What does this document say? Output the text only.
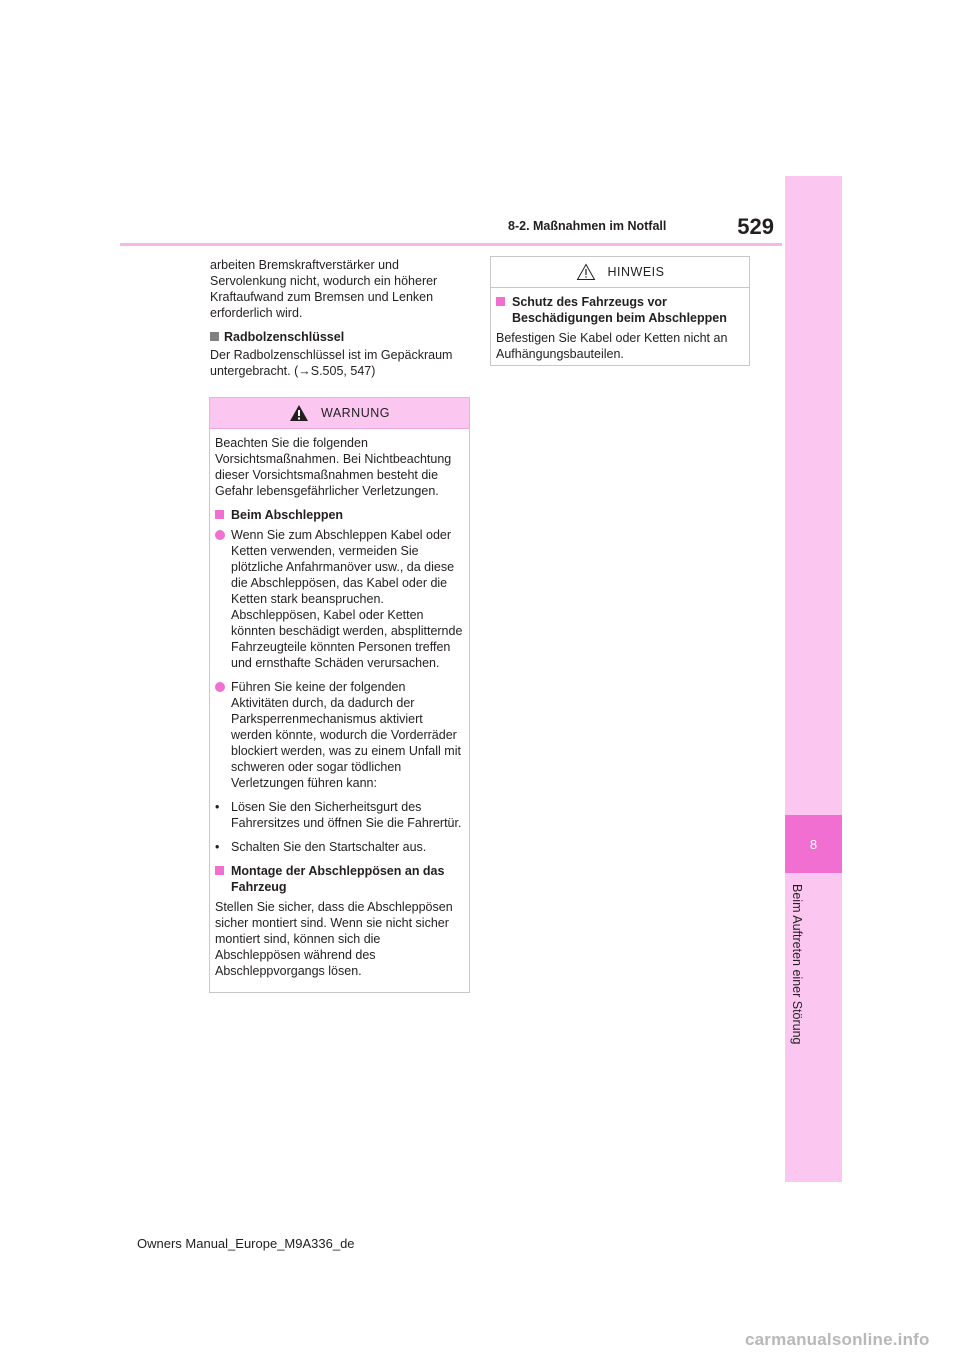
8-2. Maßnahmen im Notfall	529
8
Beim Auftreten einer Störung

arbeiten Bremskraftverstärker und Servolenkung nicht, wodurch ein höherer Kraftaufwand zum Bremsen und Lenken erforderlich wird.

Radbolzenschlüssel

Der Radbolzenschlüssel ist im Gepäckraum untergebracht. (→S.505, 547)

WARNUNG

Beachten Sie die folgenden Vorsichtsmaßnahmen. Bei Nichtbeachtung dieser Vorsichtsmaßnahmen besteht die Gefahr lebensgefährlicher Verletzungen.

Beim Abschleppen

Wenn Sie zum Abschleppen Kabel oder Ketten verwenden, vermeiden Sie plötzliche Anfahrmanöver usw., da diese die Abschleppösen, das Kabel oder die Ketten stark beanspruchen. Abschleppösen, Kabel oder Ketten könnten beschädigt werden, absplitternde Fahrzeugteile könnten Personen treffen und ernsthafte Schäden verursachen.

Führen Sie keine der folgenden Aktivitäten durch, da dadurch der Parksperrenmechanismus aktiviert werden könnte, wodurch die Vorderräder blockiert werden, was zu einem Unfall mit schweren oder sogar tödlichen Verletzungen führen kann:

• Lösen Sie den Sicherheitsgurt des Fahrersitzes und öffnen Sie die Fahrertür.

• Schalten Sie den Startschalter aus.

Montage der Abschleppösen an das Fahrzeug

Stellen Sie sicher, dass die Abschleppösen sicher montiert sind. Wenn sie nicht sicher montiert sind, können sich die Abschleppösen während des Abschleppvorgangs lösen.

HINWEIS

Schutz des Fahrzeugs vor Beschädigungen beim Abschleppen

Befestigen Sie Kabel oder Ketten nicht an Aufhängungsbauteilen.

Owners Manual_Europe_M9A336_de
carmanualsonline.info
